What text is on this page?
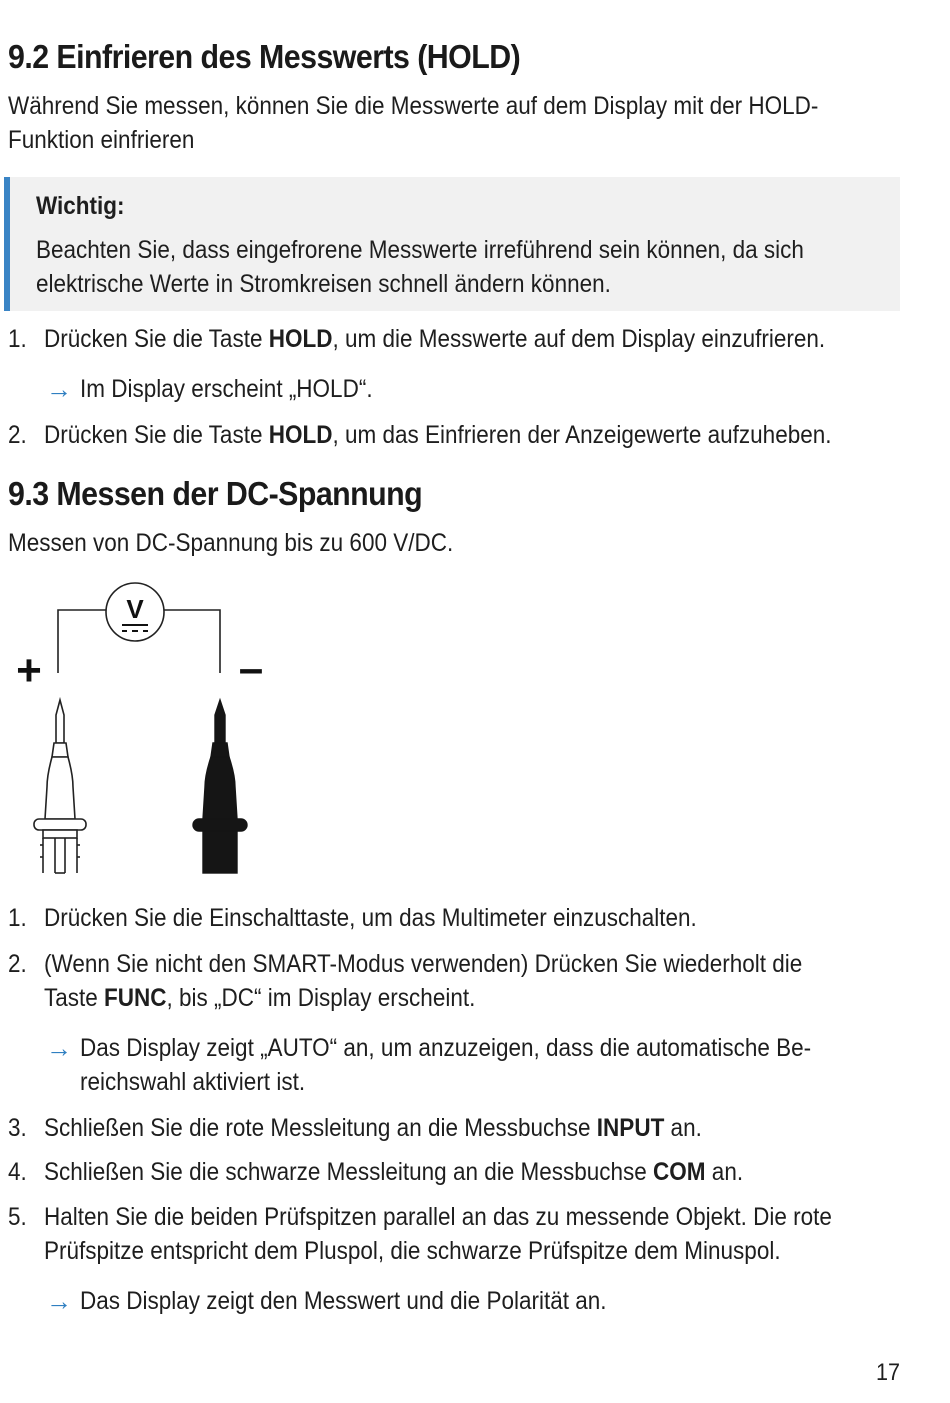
9.2 Einfrieren des Messwerts (HOLD)

Während Sie messen, können Sie die Messwerte auf dem Display mit der HOLD-

Funktion einfrieren

Wichtig:

Beachten Sie, dass eingefrorene Messwerte irreführend sein können, da sich

elektrische Werte in Stromkreisen schnell ändern können.

1. Drücken Sie die Taste HOLD, um die Messwerte auf dem Display einzufrieren.
→ Im Display erscheint „HOLD“.
2. Drücken Sie die Taste HOLD, um das Einfrieren der Anzeigewerte aufzuheben.
9.3 Messen der DC-Spannung

Messen von DC-Spannung bis zu 600 V/DC.

V
+	–
1. Drücken Sie die Einschalttaste, um das Multimeter einzuschalten.
2. (Wenn Sie nicht den SMART-Modus verwenden) Drücken Sie wiederholt die
Taste FUNC, bis „DC“ im Display erscheint.
→ Das Display zeigt „AUTO“ an, um anzuzeigen, dass die automatische Be-
reichswahl aktiviert ist.
3. Schließen Sie die rote Messleitung an die Messbuchse INPUT an.
4. Schließen Sie die schwarze Messleitung an die Messbuchse COM an.
5. Halten Sie die beiden Prüfspitzen parallel an das zu messende Objekt. Die rote
Prüfspitze entspricht dem Pluspol, die schwarze Prüfspitze dem Minuspol.
→ Das Display zeigt den Messwert und die Polarität an.
17
